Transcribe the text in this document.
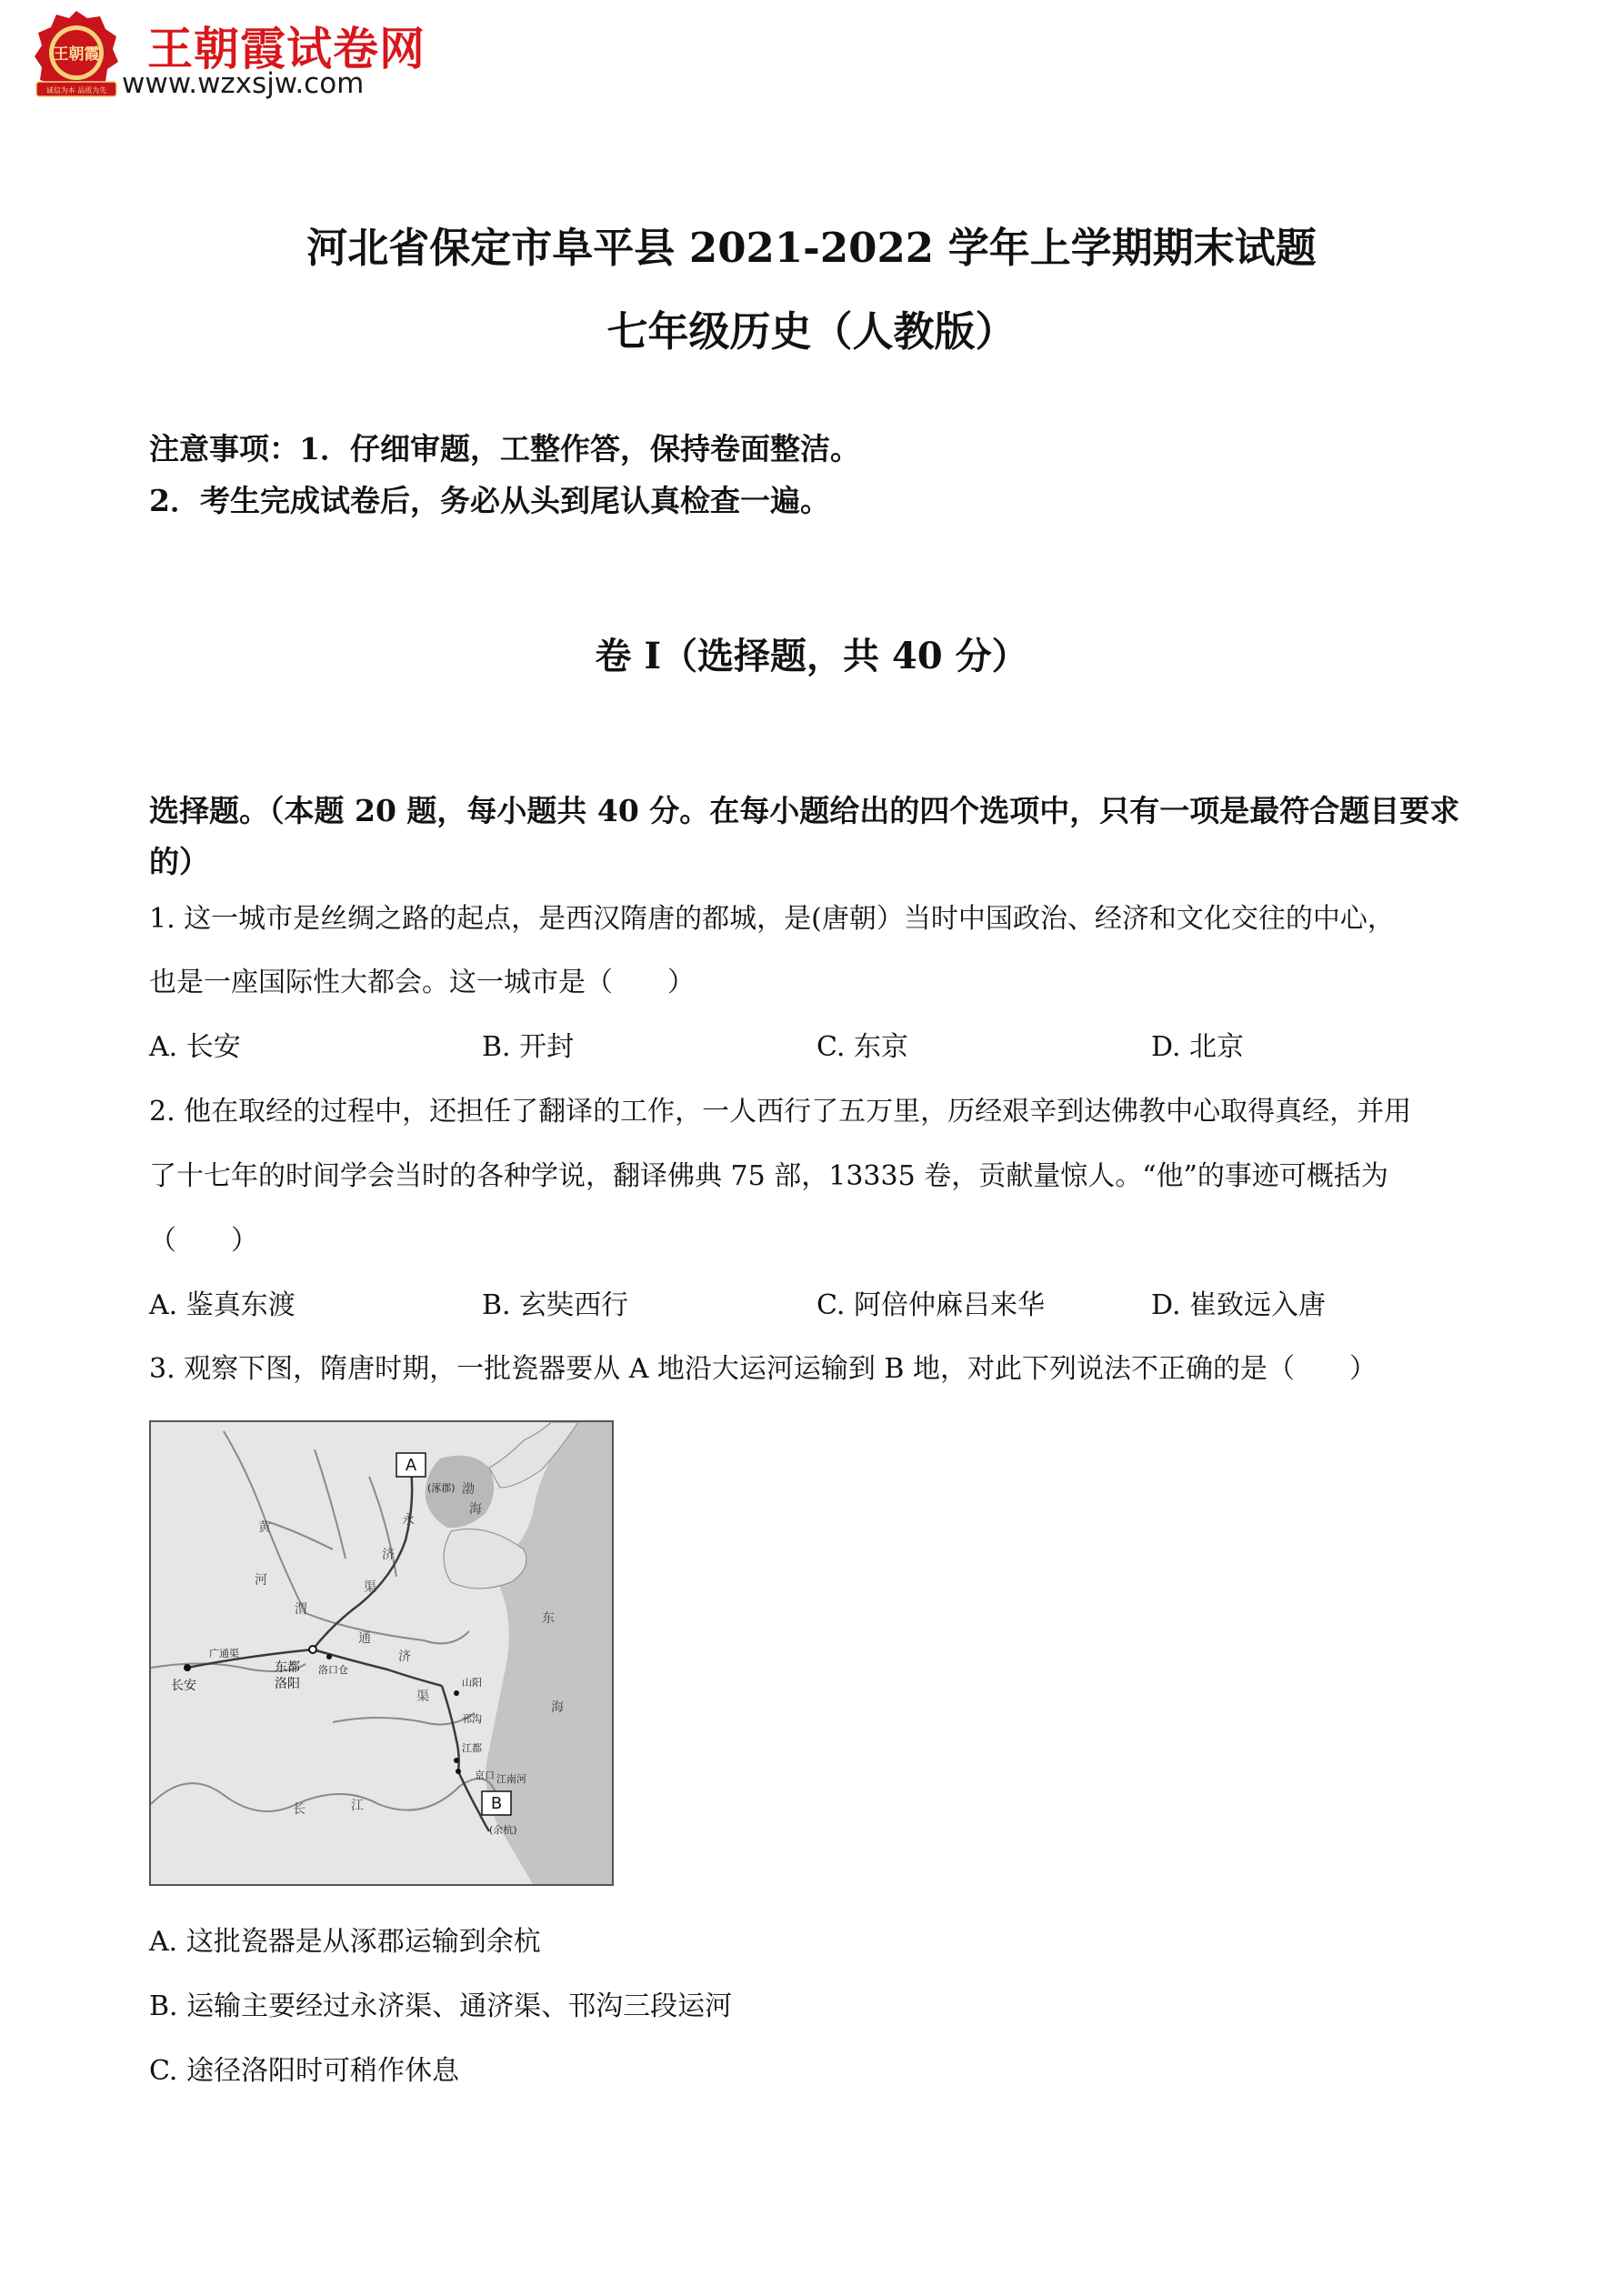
王朝霞
诚信为本 品质为先
王朝霞试卷网
www.wzxsjw.com
河北省保定市阜平县 2021-2022 学年上学期期末试题
七年级历史（人教版）
注意事项：1．仔细审题，工整作答，保持卷面整洁。
2．考生完成试卷后，务必从头到尾认真检查一遍。
卷 I（选择题，共 40 分）
选择题。（本题 20 题，每小题共 40 分。在每小题给出的四个选项中，只有一项是最符合题目要求的）
1. 这一城市是丝绸之路的起点，是西汉隋唐的都城，是(唐朝）当时中国政治、经济和文化交往的中心，
也是一座国际性大都会。这一城市是（　　）
A. 长安	B. 开封	C. 东京	D. 北京
2. 他在取经的过程中，还担任了翻译的工作，一人西行了五万里，历经艰辛到达佛教中心取得真经，并用
了十七年的时间学会当时的各种学说，翻译佛典 75 部，13335 卷，贡献量惊人。“他”的事迹可概括为
（　　）
A. 鉴真东渡	B. 玄奘西行	C. 阿倍仲麻吕来华	D. 崔致远入唐
3. 观察下图，隋唐时期，一批瓷器要从 A 地沿大运河运输到 B 地，对此下列说法不正确的是（　　）
A
B
长安
东都
洛阳
洛口仓
山阳
江都
京口
(涿郡)
(余杭)
渤
海
东
海
黄
河
长	江
永
济
渠
通
济
渠
邗沟
江南河
广通渠
渭
A. 这批瓷器是从涿郡运输到余杭
B. 运输主要经过永济渠、通济渠、邗沟三段运河
C. 途径洛阳时可稍作休息
